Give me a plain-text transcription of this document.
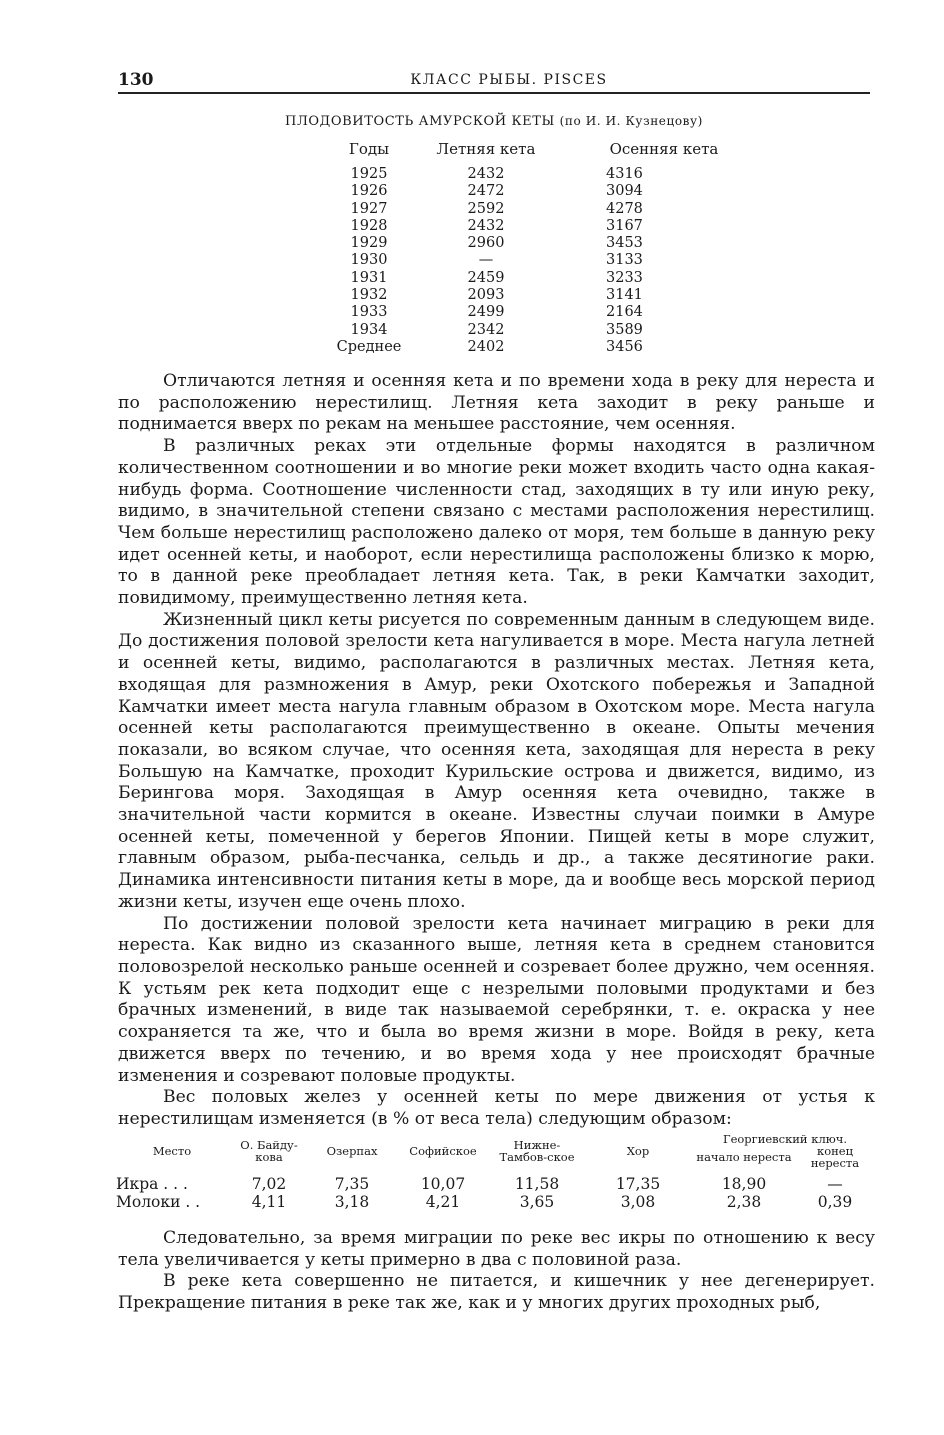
130	КЛАСС РЫБЫ. PISCES
ПЛОДОВИТОСТЬ АМУРСКОЙ КЕТЫ (по И. И. Кузнецову)
Годы	Летняя кета	Осенняя кета
1925	2432	4316
1926	2472	3094
1927	2592	4278
1928	2432	3167
1929	2960	3453
1930	—	3133
1931	2459	3233
1932	2093	3141
1933	2499	2164
1934	2342	3589
Среднее	2402	3456

Отличаются летняя и осенняя кета и по времени хода в реку для нереста и по расположению нерестилищ. Летняя кета заходит в реку раньше и поднимается вверх по рекам на меньшее расстояние, чем осенняя.

В различных реках эти отдельные формы находятся в различном количественном соотношении и во многие реки может входить часто одна какая-нибудь форма. Соотношение численности стад, заходящих в ту или иную реку, видимо, в значительной степени связано с местами расположения нерестилищ. Чем больше нерестилищ расположено далеко от моря, тем больше в данную реку идет осенней кеты, и наоборот, если нерестилища расположены близко к морю, то в данной реке преобладает летняя кета. Так, в реки Камчатки заходит, повидимому, преимущественно летняя кета.

Жизненный цикл кеты рисуется по современным данным в следующем виде. До достижения половой зрелости кета нагуливается в море. Места нагула летней и осенней кеты, видимо, располагаются в различных местах. Летняя кета, входящая для размножения в Амур, реки Охотского побережья и Западной Камчатки имеет места нагула главным образом в Охотском море. Места нагула осенней кеты располагаются преимущественно в океане. Опыты мечения показали, во всяком случае, что осенняя кета, заходящая для нереста в реку Большую на Камчатке, проходит Курильские острова и движется, видимо, из Берингова моря. Заходящая в Амур осенняя кета очевидно, также в значительной части кормится в океане. Известны случаи поимки в Амуре осенней кеты, помеченной у берегов Японии. Пищей кеты в море служит, главным образом, рыба-песчанка, сельдь и др., а также десятиногие раки. Динамика интенсивности питания кеты в море, да и вообще весь морской период жизни кеты, изучен еще очень плохо.

По достижении половой зрелости кета начинает миграцию в реки для нереста. Как видно из сказанного выше, летняя кета в среднем становится половозрелой несколько раньше осенней и созревает более дружно, чем осенняя. К устьям рек кета подходит еще с незрелыми половыми продуктами и без брачных изменений, в виде так называемой серебрянки, т. е. окраска у нее сохраняется та же, что и была во время жизни в море. Войдя в реку, кета движется вверх по течению, и во время хода у нее происходят брачные изменения и созревают половые продукты.

Вес половых желез у осенней кеты по мере движения от устья к нерестилищам изменяется (в % от веса тела) следующим образом:

Место	О. Байду-кова	Озерпах	Софийское	Нижне-Тамбов-ское	Хор	Георгиевский ключ.	
						начало нереста	конец нереста
Икра . . .	7,02	7,35	10,07	11,58	17,35	18,90	—
Молоки . .	4,11	3,18	4,21	3,65	3,08	2,38	0,39

Следовательно, за время миграции по реке вес икры по отношению к весу тела увеличивается у кеты примерно в два с половиной раза.

В реке кета совершенно не питается, и кишечник у нее дегенерирует. Прекращение питания в реке так же, как и у многих других проходных рыб,
